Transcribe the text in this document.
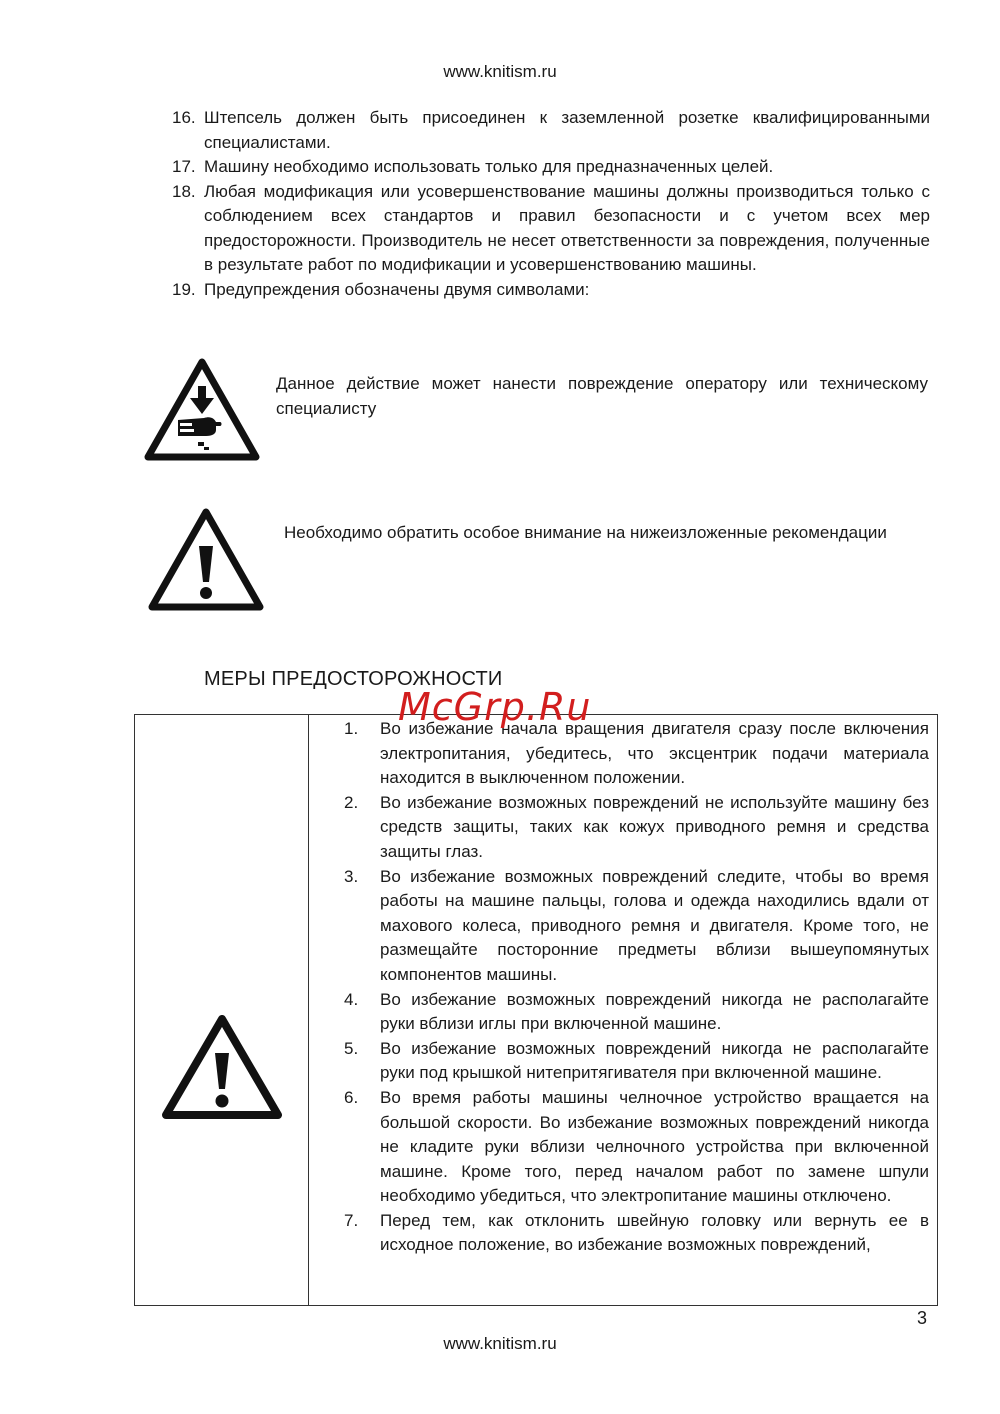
www.knitism.ru
16. Штепсель должен быть присоединен к заземленной розетке квалифицированными специалистами.
17. Машину необходимо использовать только для предназначенных целей.
18. Любая модификация или усовершенствование машины должны производиться только с соблюдением всех стандартов и правил безопасности и с учетом всех мер предосторожности. Производитель не несет ответственности за повреждения, полученные в результате работ по модификации и усовершенствованию машины.
19. Предупреждения обозначены двумя символами:
Данное действие может нанести повреждение оператору или техническому специалисту
Необходимо обратить особое внимание на нижеизложенные рекомендации
МЕРЫ ПРЕДОСТОРОЖНОСТИ
1.	Во избежание начала вращения двигателя сразу после включения электропитания, убедитесь, что эксцентрик подачи материала находится в выключенном положении.
2.	Во избежание возможных повреждений не используйте машину без средств защиты, таких как кожух приводного ремня и средства защиты глаз.
3.	Во избежание возможных повреждений следите, чтобы во время работы на машине пальцы, голова и одежда находились вдали от махового колеса, приводного ремня и двигателя. Кроме того, не размещайте посторонние предметы вблизи вышеупомянутых компонентов машины.
4.	Во избежание возможных повреждений никогда не располагайте руки вблизи иглы при включенной машине.
5.	Во избежание возможных повреждений никогда не располагайте руки под крышкой нитепритягивателя при включенной машине.
6.	Во время работы машины челночное устройство вращается на большой скорости. Во избежание возможных повреждений никогда не кладите руки вблизи челночного устройства при включенной машине. Кроме того, перед началом работ по замене шпули необходимо убедиться, что электропитание машины отключено.
7.	Перед тем, как отклонить швейную головку или вернуть ее в исходное положение, во избежание возможных повреждений,
McGrp.Ru
3
www.knitism.ru
